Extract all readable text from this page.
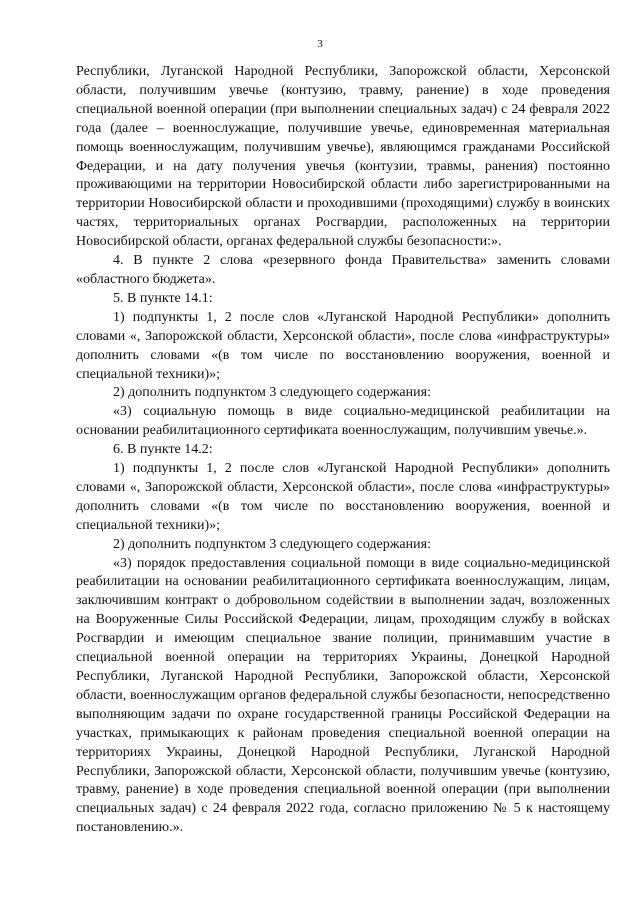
3

Республики, Луганской Народной Республики, Запорожской области, Херсонской области, получившим увечье (контузию, травму, ранение) в ходе проведения специальной военной операции (при выполнении специальных задач) с 24 февраля 2022 года (далее – военнослужащие, получившие увечье, единовременная материальная помощь военнослужащим, получившим увечье), являющимся гражданами Российской Федерации, и на дату получения увечья (контузии, травмы, ранения) постоянно проживающими на территории Новосибирской области либо зарегистрированными на территории Новосибирской области и проходившими (проходящими) службу в воинских частях, территориальных органах Росгвардии, расположенных на территории Новосибирской области, органах федеральной службы безопасности:».

4. В пункте 2 слова «резервного фонда Правительства» заменить словами «областного бюджета».

5. В пункте 14.1:

1) подпункты 1, 2 после слов «Луганской Народной Республики» дополнить словами «, Запорожской области, Херсонской области», после слова «инфраструктуры» дополнить словами «(в том числе по восстановлению вооружения, военной и специальной техники)»;

2) дополнить подпунктом 3 следующего содержания:

«3) социальную помощь в виде социально-медицинской реабилитации на основании реабилитационного сертификата военнослужащим, получившим увечье.».

6. В пункте 14.2:

1) подпункты 1, 2 после слов «Луганской Народной Республики» дополнить словами «, Запорожской области, Херсонской области», после слова «инфраструктуры» дополнить словами «(в том числе по восстановлению вооружения, военной и специальной техники)»;

2) дополнить подпунктом 3 следующего содержания:

«3) порядок предоставления социальной помощи в виде социально-медицинской реабилитации на основании реабилитационного сертификата военнослужащим, лицам, заключившим контракт о добровольном содействии в выполнении задач, возложенных на Вооруженные Силы Российской Федерации, лицам, проходящим службу в войсках Росгвардии и имеющим специальное звание полиции, принимавшим участие в специальной военной операции на территориях Украины, Донецкой Народной Республики, Луганской Народной Республики, Запорожской области, Херсонской области, военнослужащим органов федеральной службы безопасности, непосредственно выполняющим задачи по охране государственной границы Российской Федерации на участках, примыкающих к районам проведения специальной военной операции на территориях Украины, Донецкой Народной Республики, Луганской Народной Республики, Запорожской области, Херсонской области, получившим увечье (контузию, травму, ранение) в ходе проведения специальной военной операции (при выполнении специальных задач) с 24 февраля 2022 года, согласно приложению № 5 к настоящему постановлению.».
